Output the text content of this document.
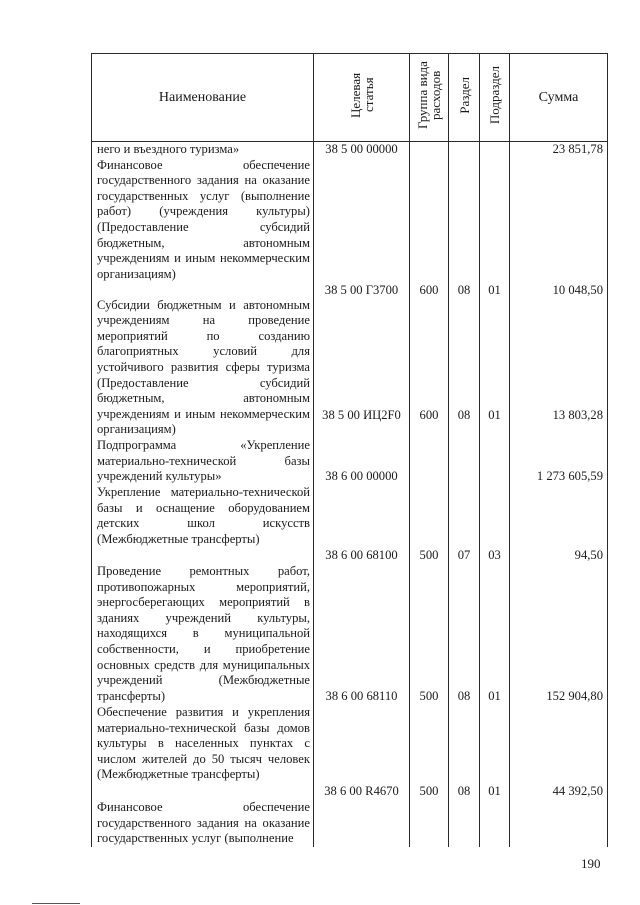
Наименование	Целевая статья	Группа вида расходов	Раздел	Подраздел	Сумма

него и въездного туризма»	38 5 00 00000				23 851,78

Финансовое обеспечение государственного задания на оказание государственных услуг (выполнение работ) (учреждения культуры) (Предоставление субсидий бюджетным, автономным учреждениям и иным некоммерческим организациям)	38 5 00 Г3700	600	08	01	10 048,50

Субсидии бюджетным и автономным учреждениям на проведение мероприятий по созданию благоприятных условий для устойчивого развития сферы туризма (Предоставление субсидий бюджетным, автономным учреждениям и иным некоммерческим организациям)	38 5 00 ИЦ2F0	600	08	01	13 803,28

Подпрограмма «Укрепление материально-технической базы учреждений культуры»	38 6 00 00000				1 273 605,59

Укрепление материально-технической базы и оснащение оборудованием детских школ искусств (Межбюджетные трансферты)	38 6 00 68100	500	07	03	94,50

Проведение ремонтных работ, противопожарных мероприятий, энергосберегающих мероприятий в зданиях учреждений культуры, находящихся в муниципальной собственности, и приобретение основных средств для муниципальных учреждений (Межбюджетные трансферты)	38 6 00 68110	500	08	01	152 904,80

Обеспечение развития и укрепления материально-технической базы домов культуры в населенных пунктах с числом жителей до 50 тысяч человек (Межбюджетные трансферты)	38 6 00 R4670	500	08	01	44 392,50

Финансовое обеспечение государственного задания на оказание государственных услуг (выполнение					

190
